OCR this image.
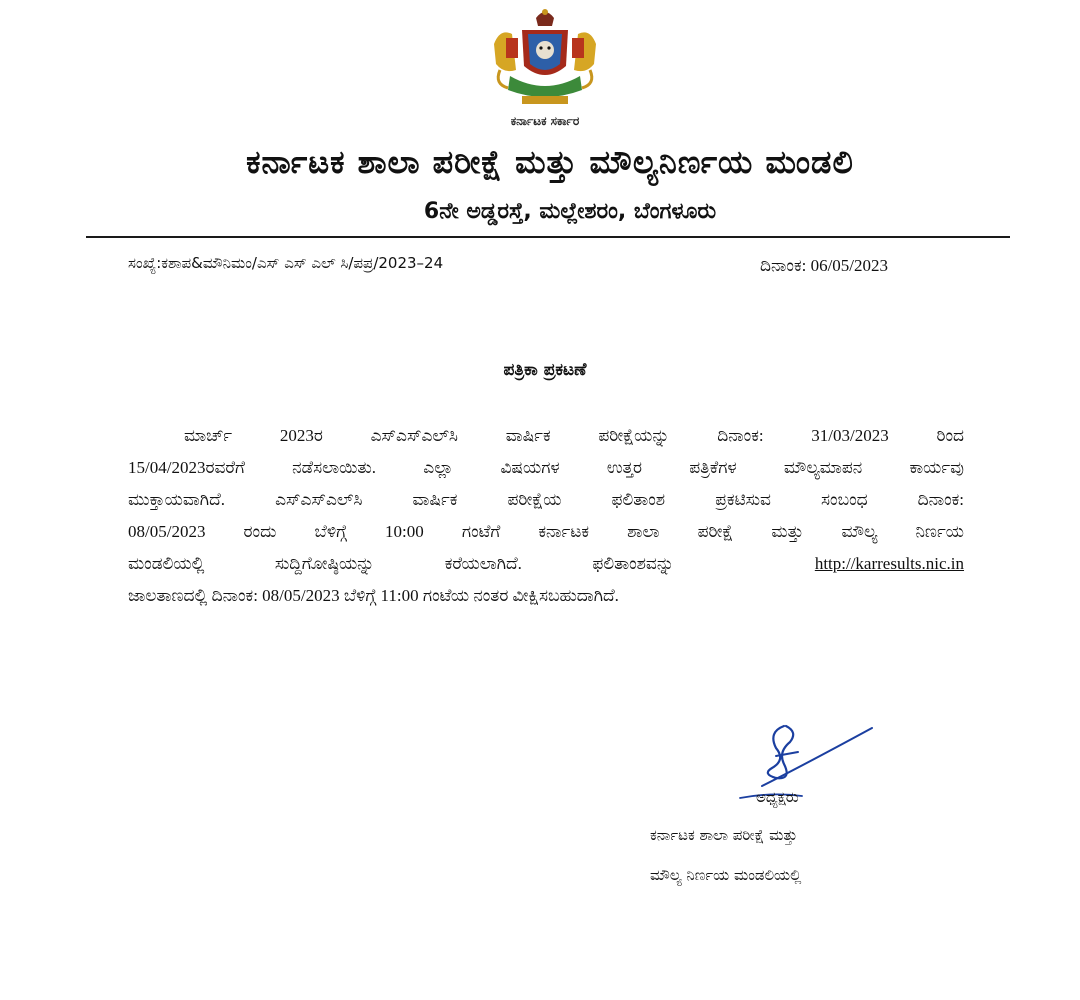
ಕರ್ನಾಟಕ ಸರ್ಕಾರ
ಕರ್ನಾಟಕ ಶಾಲಾ ಪರೀಕ್ಷೆ ಮತ್ತು ಮೌಲ್ಯನಿರ್ಣಯ ಮಂಡಲಿ
6ನೇ ಅಡ್ಡರಸ್ತೆ, ಮಲ್ಲೇಶರಂ, ಬೆಂಗಳೂರು
ಸಂಖ್ಯೆ:ಕಶಾಪ&ಮೌನಿಮಂ/ಎಸ್ ಎಸ್ ಎಲ್ ಸಿ/ಪಪ್ರ/2023–24	ದಿನಾಂಕ: 06/05/2023
ಪತ್ರಿಕಾ ಪ್ರಕಟಣೆ
ಮಾರ್ಚ್ 2023ರ ಎಸ್‌ಎಸ್‌ಎಲ್‌ಸಿ ವಾರ್ಷಿಕ ಪರೀಕ್ಷೆಯನ್ನು ದಿನಾಂಕ: 31/03/2023 ರಿಂದ
15/04/2023ರವರೆಗೆ ನಡೆಸಲಾಯಿತು. ಎಲ್ಲಾ ವಿಷಯಗಳ ಉತ್ತರ ಪತ್ರಿಕೆಗಳ ಮೌಲ್ಯಮಾಪನ ಕಾರ್ಯವು
ಮುಕ್ತಾಯವಾಗಿದೆ. ಎಸ್‌ಎಸ್‌ಎಲ್‌ಸಿ ವಾರ್ಷಿಕ ಪರೀಕ್ಷೆಯ ಫಲಿತಾಂಶ ಪ್ರಕಟಿಸುವ ಸಂಬಂಧ ದಿನಾಂಕ:
08/05/2023 ರಂದು ಬೆಳಿಗ್ಗೆ 10:00 ಗಂಟೆಗೆ ಕರ್ನಾಟಕ ಶಾಲಾ ಪರೀಕ್ಷೆ ಮತ್ತು ಮೌಲ್ಯ ನಿರ್ಣಯ
ಮಂಡಲಿಯಲ್ಲಿ ಸುದ್ದಿಗೋಷ್ಠಿಯನ್ನು ಕರೆಯಲಾಗಿದೆ. ಫಲಿತಾಂಶವನ್ನು	http://karresults.nic.in
ಜಾಲತಾಣದಲ್ಲಿ ದಿನಾಂಕ: 08/05/2023 ಬೆಳಿಗ್ಗೆ 11:00 ಗಂಟೆಯ ನಂತರ ವೀಕ್ಷಿಸಬಹುದಾಗಿದೆ.
ಅಧ್ಯಕ್ಷರು
ಕರ್ನಾಟಕ ಶಾಲಾ ಪರೀಕ್ಷೆ ಮತ್ತು
ಮೌಲ್ಯ ನಿರ್ಣಯ ಮಂಡಲಿಯಲ್ಲಿ
